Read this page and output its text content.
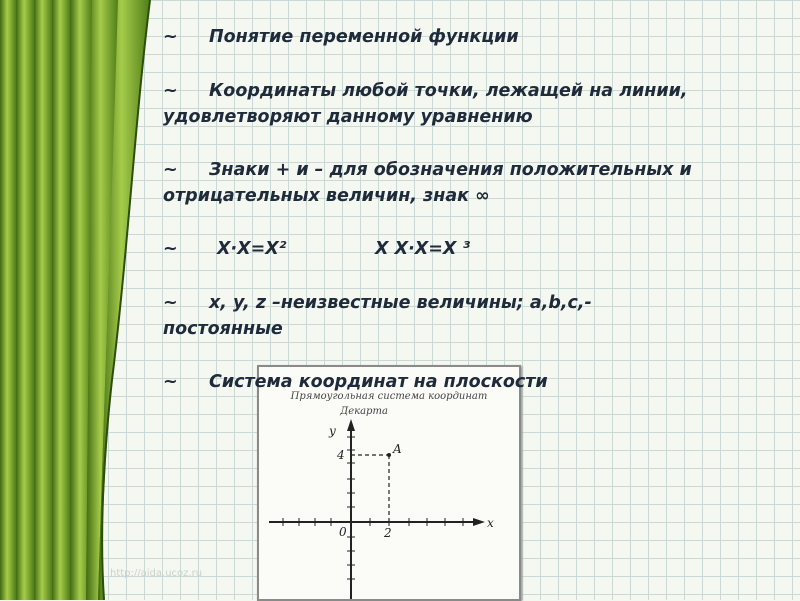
~ Понятие переменной функции
~ Координаты любой точки, лежащей на линии,
удовлетворяют данному уравнению
~ Знаки + и – для обозначения положительных и
отрицательных величин, знак ∞
~ X·X=X²	X X·X=X ³
~ x, y, z –неизвестные величины; a,b,c,-
постоянные
~ Система координат на плоскости
Прямоугольная система координат
Декарта
y
x
0	2
4	A
http://aida.ucoz.ru
